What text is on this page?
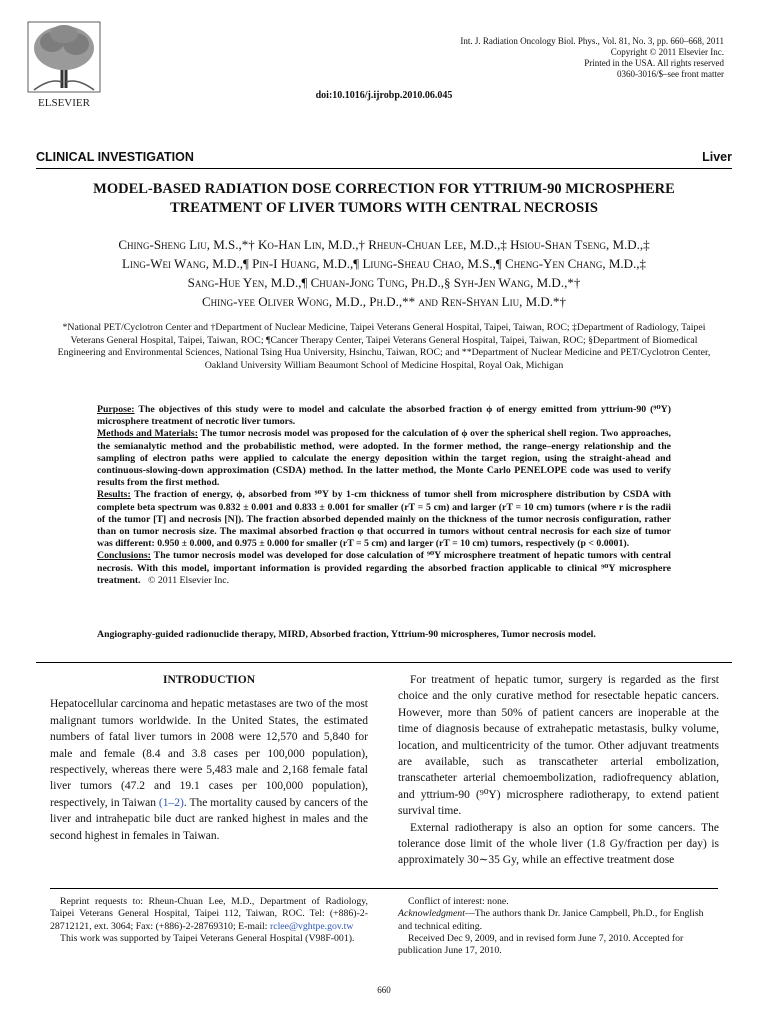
ELSEVIER
Int. J. Radiation Oncology Biol. Phys., Vol. 81, No. 3, pp. 660–668, 2011
Copyright © 2011 Elsevier Inc.
Printed in the USA. All rights reserved
0360-3016/$–see front matter
doi:10.1016/j.ijrobp.2010.06.045
CLINICAL INVESTIGATION	Liver
MODEL-BASED RADIATION DOSE CORRECTION FOR YTTRIUM-90 MICROSPHERE
TREATMENT OF LIVER TUMORS WITH CENTRAL NECROSIS
Ching-Sheng Liu, M.S.,*† Ko-Han Lin, M.D.,† Rheun-Chuan Lee, M.D.,‡ Hsiou-Shan Tseng, M.D.,‡
Ling-Wei Wang, M.D.,¶ Pin-I Huang, M.D.,¶ Liung-Sheau Chao, M.S.,¶ Cheng-Yen Chang, M.D.,‡
Sang-Hue Yen, M.D.,¶ Chuan-Jong Tung, Ph.D.,§ Syh-Jen Wang, M.D.,*†
Ching-yee Oliver Wong, M.D., Ph.D.,** and Ren-Shyan Liu, M.D.*†
*National PET/Cyclotron Center and †Department of Nuclear Medicine, Taipei Veterans General Hospital, Taipei, Taiwan, ROC; ‡Department of Radiology, Taipei Veterans General Hospital, Taipei, Taiwan, ROC; ¶Cancer Therapy Center, Taipei Veterans General Hospital, Taipei, Taiwan, ROC; §Department of Biomedical Engineering and Environmental Sciences, National Tsing Hua University, Hsinchu, Taiwan, ROC; and **Department of Nuclear Medicine and PET/Cyclotron Center, Oakland University William Beaumont School of Medicine Hospital, Royal Oak, Michigan

Purpose: The objectives of this study were to model and calculate the absorbed fraction ϕ of energy emitted from yttrium-90 (⁹⁰Y) microsphere treatment of necrotic liver tumors.

Methods and Materials: The tumor necrosis model was proposed for the calculation of ϕ over the spherical shell region. Two approaches, the semianalytic method and the probabilistic method, were adopted. In the former method, the range–energy relationship and the sampling of electron paths were applied to calculate the energy deposition within the target region, using the straight-ahead and continuous-slowing-down approximation (CSDA) method. In the latter method, the Monte Carlo PENELOPE code was used to verify results from the first method.

Results: The fraction of energy, ϕ, absorbed from ⁹⁰Y by 1-cm thickness of tumor shell from microsphere distribution by CSDA with complete beta spectrum was 0.832 ± 0.001 and 0.833 ± 0.001 for smaller (rT = 5 cm) and larger (rT = 10 cm) tumors (where r is the radii of the tumor [T] and necrosis [N]). The fraction absorbed depended mainly on the thickness of the tumor necrosis configuration, rather than on tumor necrosis size. The maximal absorbed fraction φ that occurred in tumors without central necrosis for each size of tumor was different: 0.950 ± 0.000, and 0.975 ± 0.000 for smaller (rT = 5 cm) and larger (rT = 10 cm) tumors, respectively (p < 0.0001).

Conclusions: The tumor necrosis model was developed for dose calculation of ⁹⁰Y microsphere treatment of hepatic tumors with central necrosis. With this model, important information is provided regarding the absorbed fraction applicable to clinical ⁹⁰Y microsphere treatment. © 2011 Elsevier Inc.

Angiography-guided radionuclide therapy, MIRD, Absorbed fraction, Yttrium-90 microspheres, Tumor necrosis model.
INTRODUCTION

Hepatocellular carcinoma and hepatic metastases are two of the most malignant tumors worldwide. In the United States, the estimated numbers of fatal liver tumors in 2008 were 12,570 and 5,840 for male and female (8.4 and 3.8 cases per 100,000 population), respectively, whereas there were 5,483 male and 2,168 female fatal liver tumors (47.2 and 19.1 cases per 100,000 population), respectively, in Taiwan (1–2). The mortality caused by cancers of the liver and intrahepatic bile duct are ranked highest in males and the second highest in females in Taiwan.

For treatment of hepatic tumor, surgery is regarded as the first choice and the only curative method for resectable hepatic cancers. However, more than 50% of patient cancers are inoperable at the time of diagnosis because of extrahepatic metastasis, bulky volume, location, and multicentricity of the tumor. Other adjuvant treatments are available, such as transcatheter arterial embolization, transcatheter arterial chemoembolization, radiofrequency ablation, and yttrium-90 (⁹⁰Y) microsphere radiotherapy, to extend patient survival time.

External radiotherapy is also an option for some cancers. The tolerance dose limit of the whole liver (1.8 Gy/fraction per day) is approximately 30∼35 Gy, while an effective treatment dose

Reprint requests to: Rheun-Chuan Lee, M.D., Department of Radiology, Taipei Veterans General Hospital, Taipei 112, Taiwan, ROC. Tel: (+886)-2-28712121, ext. 3064; Fax: (+886)-2-28769310; E-mail: rclee@vghtpe.gov.tw

This work was supported by Taipei Veterans General Hospital (V98F-001).

Conflict of interest: none.

Acknowledgment—The authors thank Dr. Janice Campbell, Ph.D., for English and technical editing.

Received Dec 9, 2009, and in revised form June 7, 2010. Accepted for publication June 17, 2010.

660
